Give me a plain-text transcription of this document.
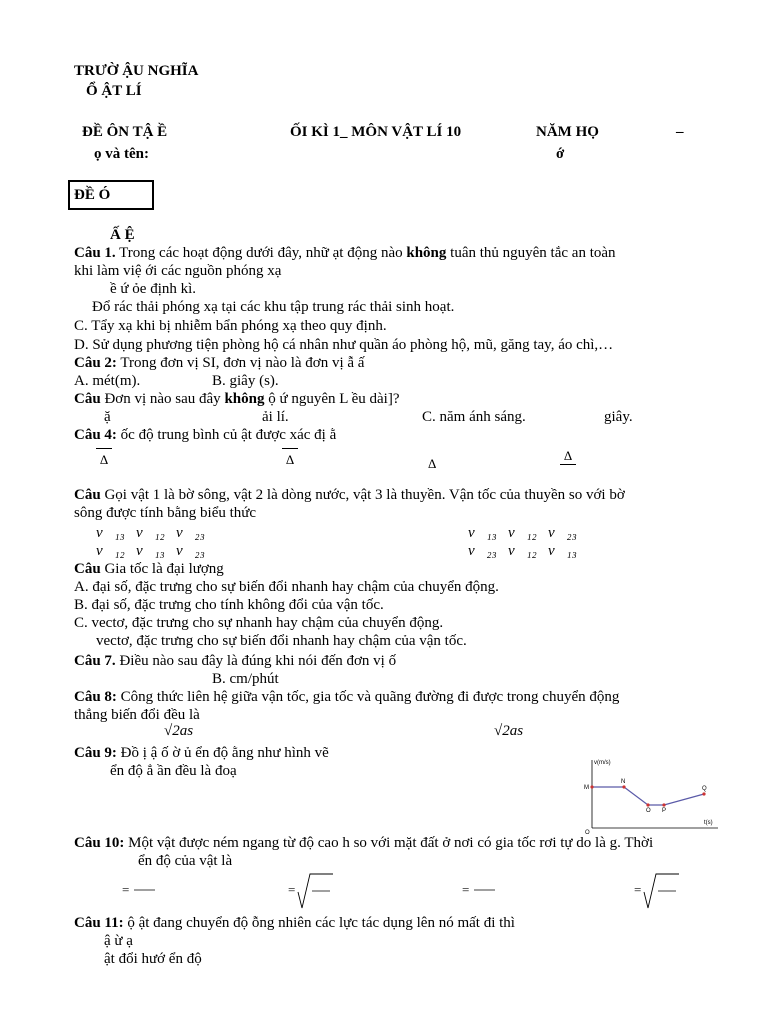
TRƯỜ ẬU NGHĨA
Ổ ẬT LÍ
ĐỀ ÔN TẬ Ề	ỐI KÌ 1_ MÔN VẬT LÍ 10	NĂM HỌ	–
ọ và tên:	ớ
ĐỀ Ó
Ấ Ệ
Câu 1. Trong các hoạt động dưới đây, nhữ ạt động nào không tuân thủ nguyên tắc an toàn
khi làm việ ới các nguồn phóng xạ
ề ứ ỏe định kì.
Đổ rác thải phóng xạ tại các khu tập trung rác thải sinh hoạt.
C. Tẩy xạ khi bị nhiễm bẩn phóng xạ theo quy định.
D. Sử dụng phương tiện phòng hộ cá nhân như quần áo phòng hộ, mũ, găng tay, áo chì,…
Câu 2: Trong đơn vị SI, đơn vị nào là đơn vị ẫ ấ
A. mét(m).	B. giây (s).
Câu Đơn vị nào sau đây không ộ ứ nguyên L ều dài]?
ặ	ải lí.	C. năm ánh sáng.	giây.
Câu 4: ốc độ trung bình củ ật được xác đị ằ
Δ	Δ	Δ
Δ
Câu Gọi vật 1 là bờ sông, vật 2 là dòng nước, vật 3 là thuyền. Vận tốc của thuyền so với bờ
sông được tính bằng biểu thức
v⃗₁₃ v⃗₁₂ v⃗₂₃	v⃗₁₃ v⃗₁₂ v⃗₂₃
v⃗₁₂ v⃗₁₃ v⃗₂₃	v⃗₂₃ v⃗₁₂ v⃗₁₃
Câu Gia tốc là đại lượng
A. đại số, đặc trưng cho sự biến đổi nhanh hay chậm của chuyển động.
B. đại số, đặc trưng cho tính không đổi của vận tốc.
C. vectơ, đặc trưng cho sự nhanh hay chậm của chuyển động.
vectơ, đặc trưng cho sự biến đổi nhanh hay chậm của vận tốc.
Câu 7. Điều nào sau đây là đúng khi nói đến đơn vị ố
B. cm/phút
Câu 8: Công thức liên hệ giữa vận tốc, gia tốc và quãng đường đi được trong chuyển động
thẳng biến đổi đều là
√2as	√2as
Câu 9: Đồ ị ậ ố ờ ủ ển độ ằng như hình vẽ
ển độ ẳ ần đều là đoạ	v(m/s)
t(s)
O
M
N
O P
Q
Câu 10: Một vật được ném ngang từ độ cao h so với mặt đất ở nơi có gia tốc rơi tự do là g. Thời
ển độ của vật là
=	=	=	=
Câu 11: ộ ật đang chuyển độ ỗng nhiên các lực tác dụng lên nó mất đi thì
ậ ừ ạ
ật đổi hướ ển độ
